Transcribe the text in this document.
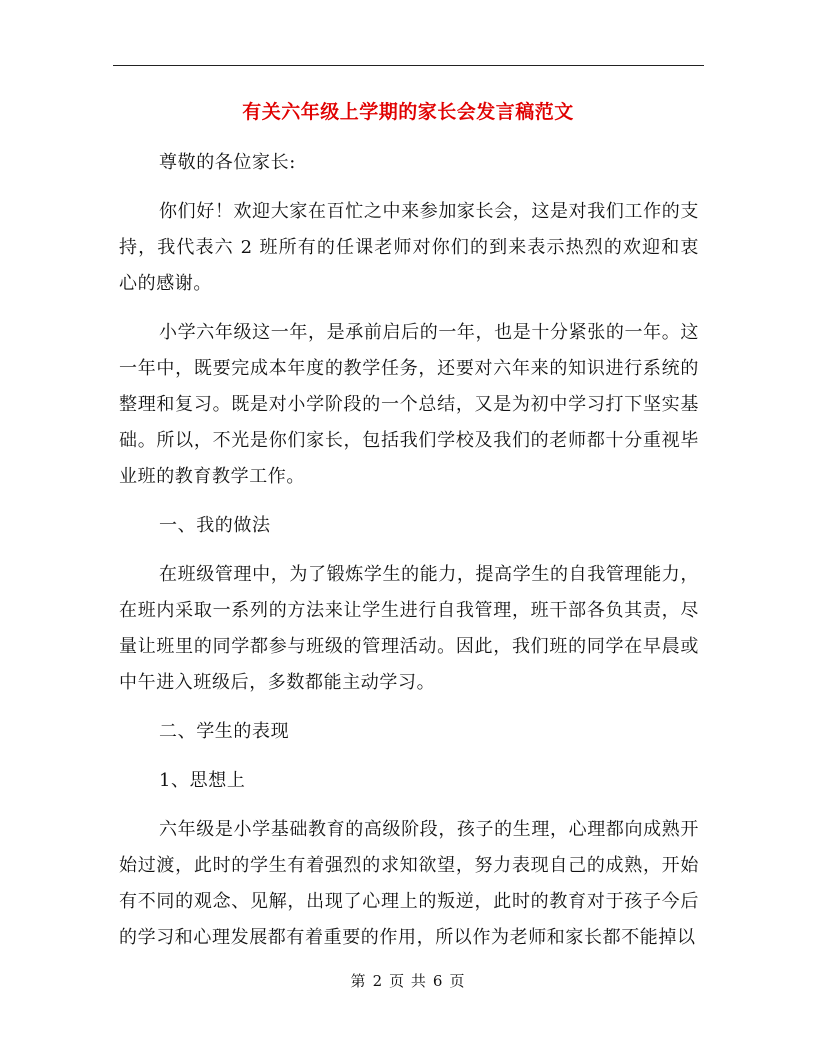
有关六年级上学期的家长会发言稿范文

尊敬的各位家长:

你们好！欢迎大家在百忙之中来参加家长会，这是对我们工作的支持，我代表六 2 班所有的任课老师对你们的到来表示热烈的欢迎和衷心的感谢。

小学六年级这一年，是承前启后的一年，也是十分紧张的一年。这一年中，既要完成本年度的教学任务，还要对六年来的知识进行系统的整理和复习。既是对小学阶段的一个总结，又是为初中学习打下坚实基础。所以，不光是你们家长，包括我们学校及我们的老师都十分重视毕业班的教育教学工作。

一、我的做法

在班级管理中，为了锻炼学生的能力，提高学生的自我管理能力，在班内采取一系列的方法来让学生进行自我管理，班干部各负其责，尽量让班里的同学都参与班级的管理活动。因此，我们班的同学在早晨或中午进入班级后，多数都能主动学习。

二、学生的表现

1、思想上

六年级是小学基础教育的高级阶段，孩子的生理，心理都向成熟开始过渡，此时的学生有着强烈的求知欲望，努力表现自己的成熟，开始有不同的观念、见解，出现了心理上的叛逆，此时的教育对于孩子今后的学习和心理发展都有着重要的作用，所以作为老师和家长都不能掉以

第 2 页 共 6 页
